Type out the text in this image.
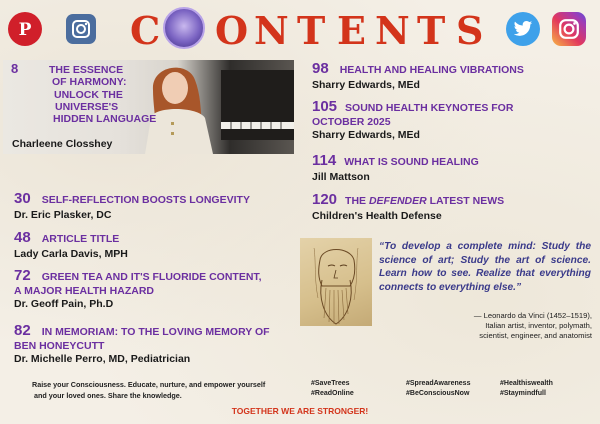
P	C O N T E N T S
8	THE ESSENCE
OF HARMONY:
UNLOCK THE
UNIVERSE'S
HIDDEN LANGUAGE
Charleene Closshey
30 SELF-REFLECTION BOOSTS LONGEVITY
Dr. Eric Plasker, DC
48 ARTICLE TITLE
Lady Carla Davis, MPH
72 GREEN TEA AND IT'S FLUORIDE CONTENT,
A MAJOR HEALTH HAZARD
Dr. Geoff Pain, Ph.D
82 IN MEMORIAM: TO THE LOVING MEMORY OF
BEN HONEYCUTT
Dr. Michelle Perro, MD, Pediatrician
98 HEALTH AND HEALING VIBRATIONS
Sharry Edwards, MEd
105 SOUND HEALTH KEYNOTES FOR
OCTOBER 2025
Sharry Edwards, MEd
114 WHAT IS SOUND HEALING
Jill Mattson
120 THE DEFENDER LATEST NEWS
Children's Health Defense
“To develop a complete mind: Study the science of art; Study the art of science. Learn how to see. Realize that everything connects to everything else.”
— Leonardo da Vinci (1452–1519),
Italian artist, inventor, polymath,
scientist, engineer, and anatomist
Raise your Consciousness. Educate, nurture, and empower yourself
and your loved ones. Share the knowledge.
#SaveTrees
#ReadOnline
#SpreadAwareness
#BeConsciousNow
#Healthiswealth
#Staymindfull
TOGETHER WE ARE STRONGER!
